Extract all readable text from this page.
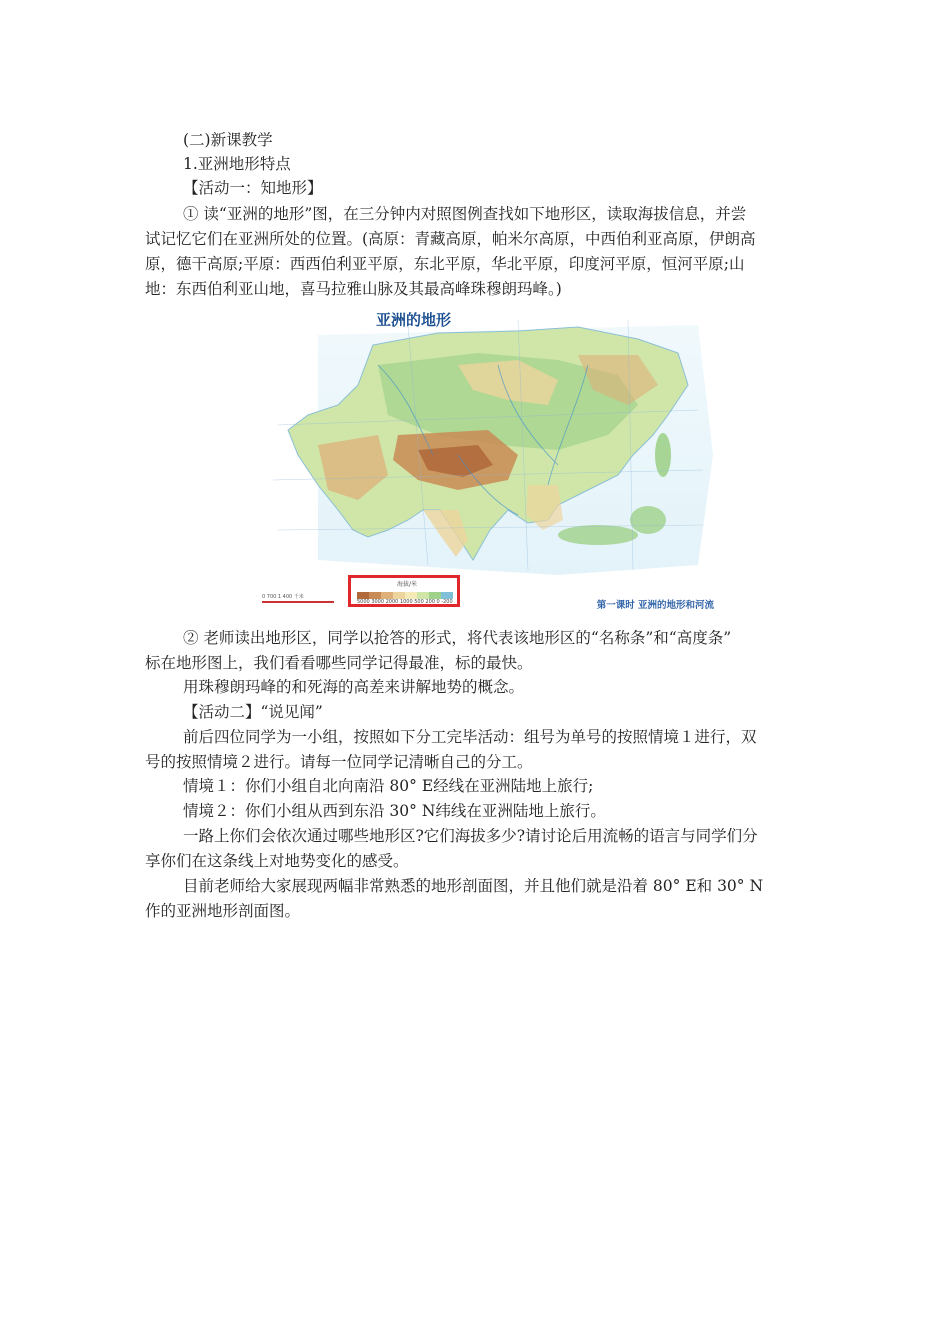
(二)新课教学
1.亚洲地形特点
【活动一：知地形】
① 读“亚洲的地形”图，在三分钟内对照图例查找如下地形区，读取海拔信息，并尝
试记忆它们在亚洲所处的位置。(高原：青藏高原，帕米尔高原，中西伯利亚高原，伊朗高
原，德干高原;平原：西西伯利亚平原，东北平原，华北平原，印度河平原，恒河平原;山
地：东西伯利亚山地，喜马拉雅山脉及其最高峰珠穆朗玛峰。)
亚洲的地形
海拔/米
5000 3000 2000 1000 500 200 0 -200
0 700 1 400 千米
第一课时 亚洲的地形和河流
② 老师读出地形区，同学以抢答的形式，将代表该地形区的“名称条”和“高度条”
标在地形图上，我们看看哪些同学记得最准，标的最快。
用珠穆朗玛峰的和死海的高差来讲解地势的概念。
【活动二】“说见闻”
前后四位同学为一小组，按照如下分工完毕活动：组号为单号的按照情境１进行，双
号的按照情境２进行。请每一位同学记清晰自己的分工。
情境１：你们小组自北向南沿 80° E经线在亚洲陆地上旅行;
情境２：你们小组从西到东沿 30° N纬线在亚洲陆地上旅行。
一路上你们会依次通过哪些地形区?它们海拔多少?请讨论后用流畅的语言与同学们分
享你们在这条线上对地势变化的感受。
目前老师给大家展现两幅非常熟悉的地形剖面图，并且他们就是沿着 80° E和 30° N
作的亚洲地形剖面图。
